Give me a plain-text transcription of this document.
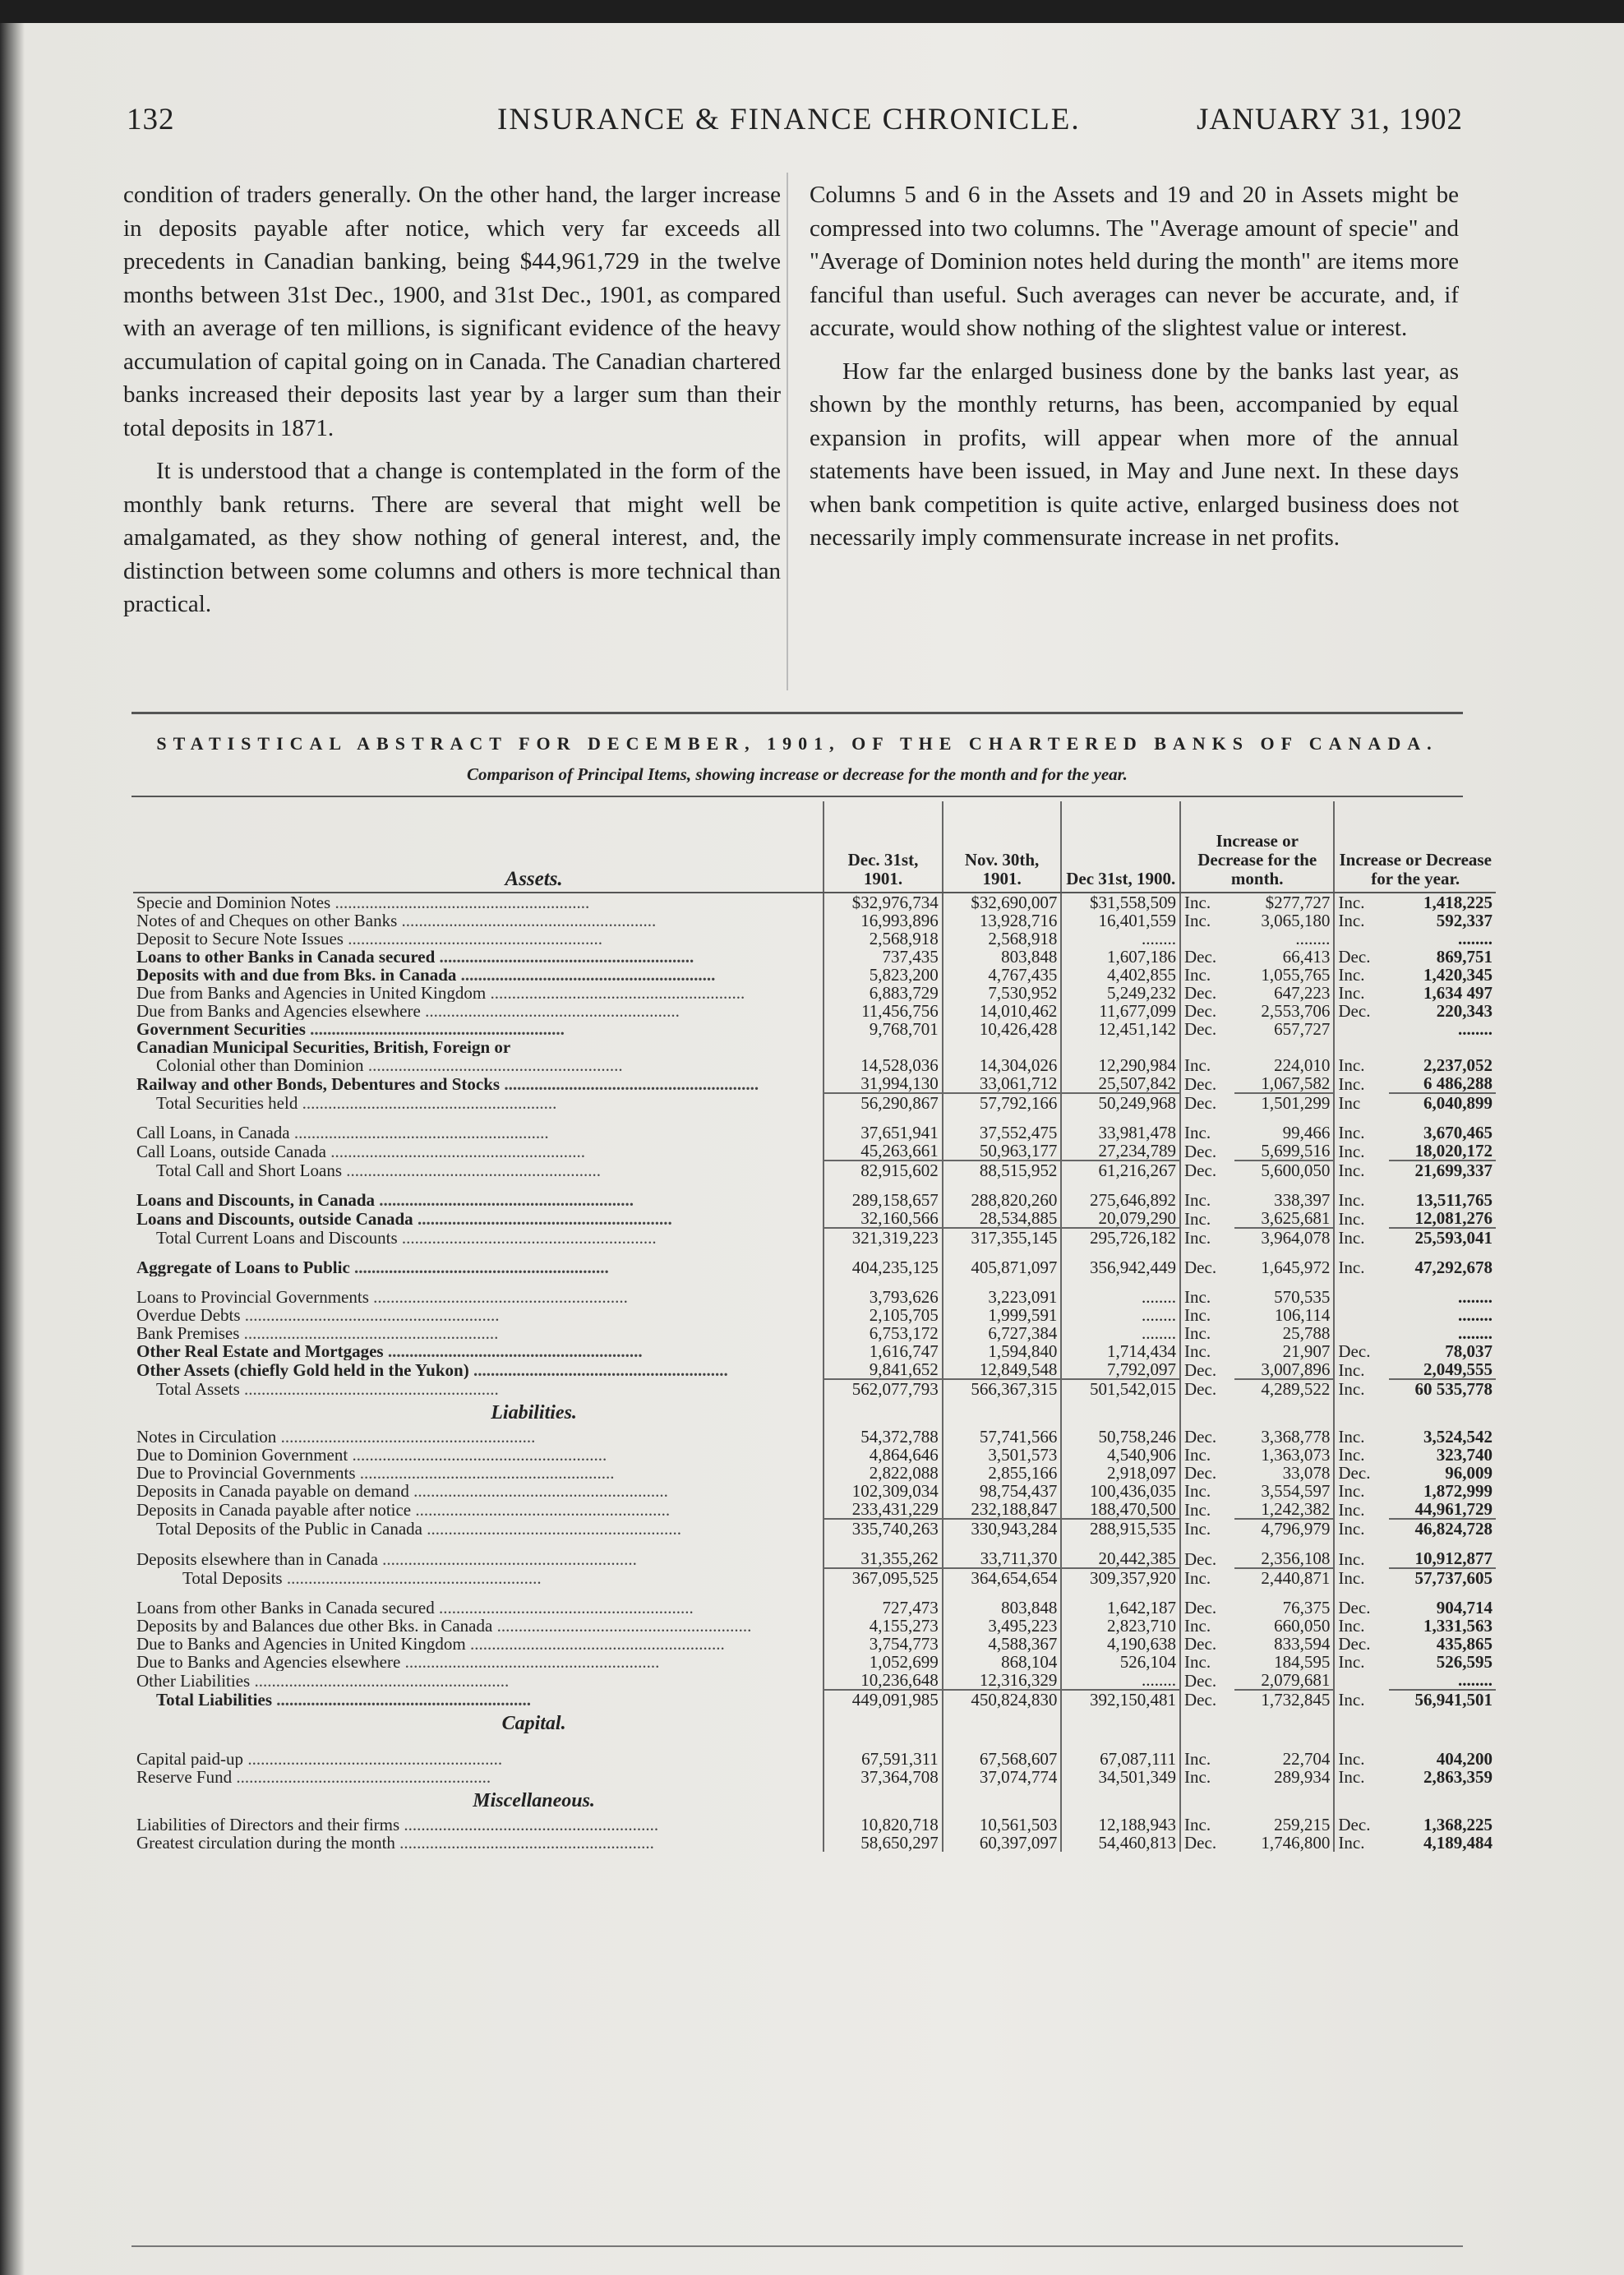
132	INSURANCE & FINANCE CHRONICLE.	JANUARY 31, 1902

condition of traders generally. On the other hand, the larger increase in deposits payable after notice, which very far exceeds all precedents in Canadian banking, being $44,961,729 in the twelve months between 31st Dec., 1900, and 31st Dec., 1901, as compared with an average of ten millions, is significant evidence of the heavy accumulation of capital going on in Canada. The Canadian chartered banks increased their deposits last year by a larger sum than their total deposits in 1871.

It is understood that a change is contemplated in the form of the monthly bank returns. There are several that might well be amalgamated, as they show nothing of general interest, and, the distinction between some columns and others is more technical than practical.

Columns 5 and 6 in the Assets and 19 and 20 in Assets might be compressed into two columns. The "Average amount of specie" and "Average of Dominion notes held during the month" are items more fanciful than useful. Such averages can never be accurate, and, if accurate, would show nothing of the slightest value or interest.

How far the enlarged business done by the banks last year, as shown by the monthly returns, has been, accompanied by equal expansion in profits, will appear when more of the annual statements have been issued, in May and June next. In these days when bank competition is quite active, enlarged business does not necessarily imply commensurate increase in net profits.

STATISTICAL ABSTRACT FOR DECEMBER, 1901, OF THE CHARTERED BANKS OF CANADA.
Comparison of Principal Items, showing increase or decrease for the month and for the year.
Assets.	Dec. 31st, 1901.	Nov. 30th, 1901.	Dec 31st, 1900.	Increase or Decrease for the month.		Increase or Decrease for the year.	
Specie and Dominion Notes .....	$32,976,734	$32,690,007	$31,558,509	Inc.	$277,727	Inc.	1,418,225
Notes of and Cheques on other Banks .....	16,993,896	13,928,716	16,401,559	Inc.	3,065,180	Inc.	592,337
Deposit to Secure Note Issues .....	2,568,918	2,568,918	........		........		........
Loans to other Banks in Canada secured .....	737,435	803,848	1,607,186	Dec.	66,413	Dec.	869,751
Deposits with and due from Bks. in Canada .....	5,823,200	4,767,435	4,402,855	Inc.	1,055,765	Inc.	1,420,345
Due from Banks and Agencies in United Kingdom .....	6,883,729	7,530,952	5,249,232	Dec.	647,223	Inc.	1,634 497
Due from Banks and Agencies elsewhere .....	11,456,756	14,010,462	11,677,099	Dec.	2,553,706	Dec.	220,343
Government Securities .....	9,768,701	10,426,428	12,451,142	Dec.	657,727		........
Canadian Municipal Securities, British, Foreign or							
Colonial other than Dominion .....	14,528,036	14,304,026	12,290,984	Inc.	224,010	Inc.	2,237,052
Railway and other Bonds, Debentures and Stocks .....	31,994,130	33,061,712	25,507,842	Dec.	1,067,582	Inc.	6 486,288
Total Securities held .....	56,290,867	57,792,166	50,249,968	Dec.	1,501,299	Inc	6,040,899

Call Loans, in Canada .....	37,651,941	37,552,475	33,981,478	Inc.	99,466	Inc.	3,670,465
Call Loans, outside Canada .....	45,263,661	50,963,177	27,234,789	Dec.	5,699,516	Inc.	18,020,172
Total Call and Short Loans .....	82,915,602	88,515,952	61,216,267	Dec.	5,600,050	Inc.	21,699,337

Loans and Discounts, in Canada .....	289,158,657	288,820,260	275,646,892	Inc.	338,397	Inc.	13,511,765
Loans and Discounts, outside Canada .....	32,160,566	28,534,885	20,079,290	Inc.	3,625,681	Inc.	12,081,276
Total Current Loans and Discounts .....	321,319,223	317,355,145	295,726,182	Inc.	3,964,078	Inc.	25,593,041

Aggregate of Loans to Public .....	404,235,125	405,871,097	356,942,449	Dec.	1,645,972	Inc.	47,292,678

Loans to Provincial Governments .....	3,793,626	3,223,091	........	Inc.	570,535		........
Overdue Debts .....	2,105,705	1,999,591	........	Inc.	106,114		........
Bank Premises .....	6,753,172	6,727,384	........	Inc.	25,788		........
Other Real Estate and Mortgages .....	1,616,747	1,594,840	1,714,434	Inc.	21,907	Dec.	78,037
Other Assets (chiefly Gold held in the Yukon) .....	9,841,652	12,849,548	7,792,097	Dec.	3,007,896	Inc.	2,049,555
Total Assets .....	562,077,793	566,367,315	501,542,015	Dec.	4,289,522	Inc.	60 535,778
Liabilities.							
Notes in Circulation .....	54,372,788	57,741,566	50,758,246	Dec.	3,368,778	Inc.	3,524,542
Due to Dominion Government .....	4,864,646	3,501,573	4,540,906	Inc.	1,363,073	Inc.	323,740
Due to Provincial Governments .....	2,822,088	2,855,166	2,918,097	Dec.	33,078	Dec.	96,009
Deposits in Canada payable on demand .....	102,309,034	98,754,437	100,436,035	Inc.	3,554,597	Inc.	1,872,999
Deposits in Canada payable after notice .....	233,431,229	232,188,847	188,470,500	Inc.	1,242,382	Inc.	44,961,729
Total Deposits of the Public in Canada .....	335,740,263	330,943,284	288,915,535	Inc.	4,796,979	Inc.	46,824,728

Deposits elsewhere than in Canada .....	31,355,262	33,711,370	20,442,385	Dec.	2,356,108	Inc.	10,912,877
Total Deposits .....	367,095,525	364,654,654	309,357,920	Inc.	2,440,871	Inc.	57,737,605

Loans from other Banks in Canada secured .....	727,473	803,848	1,642,187	Dec.	76,375	Dec.	904,714
Deposits by and Balances due other Bks. in Canada .....	4,155,273	3,495,223	2,823,710	Inc.	660,050	Inc.	1,331,563
Due to Banks and Agencies in United Kingdom .....	3,754,773	4,588,367	4,190,638	Dec.	833,594	Dec.	435,865
Due to Banks and Agencies elsewhere .....	1,052,699	868,104	526,104	Inc.	184,595	Inc.	526,595
Other Liabilities .....	10,236,648	12,316,329	........	Dec.	2,079,681		........
Total Liabilities .....	449,091,985	450,824,830	392,150,481	Dec.	1,732,845	Inc.	56,941,501
Capital.							

Capital paid-up .....	67,591,311	67,568,607	67,087,111	Inc.	22,704	Inc.	404,200
Reserve Fund .....	37,364,708	37,074,774	34,501,349	Inc.	289,934	Inc.	2,863,359
Miscellaneous.							
Liabilities of Directors and their firms .....	10,820,718	10,561,503	12,188,943	Inc.	259,215	Dec.	1,368,225
Greatest circulation during the month .....	58,650,297	60,397,097	54,460,813	Dec.	1,746,800	Inc.	4,189,484
